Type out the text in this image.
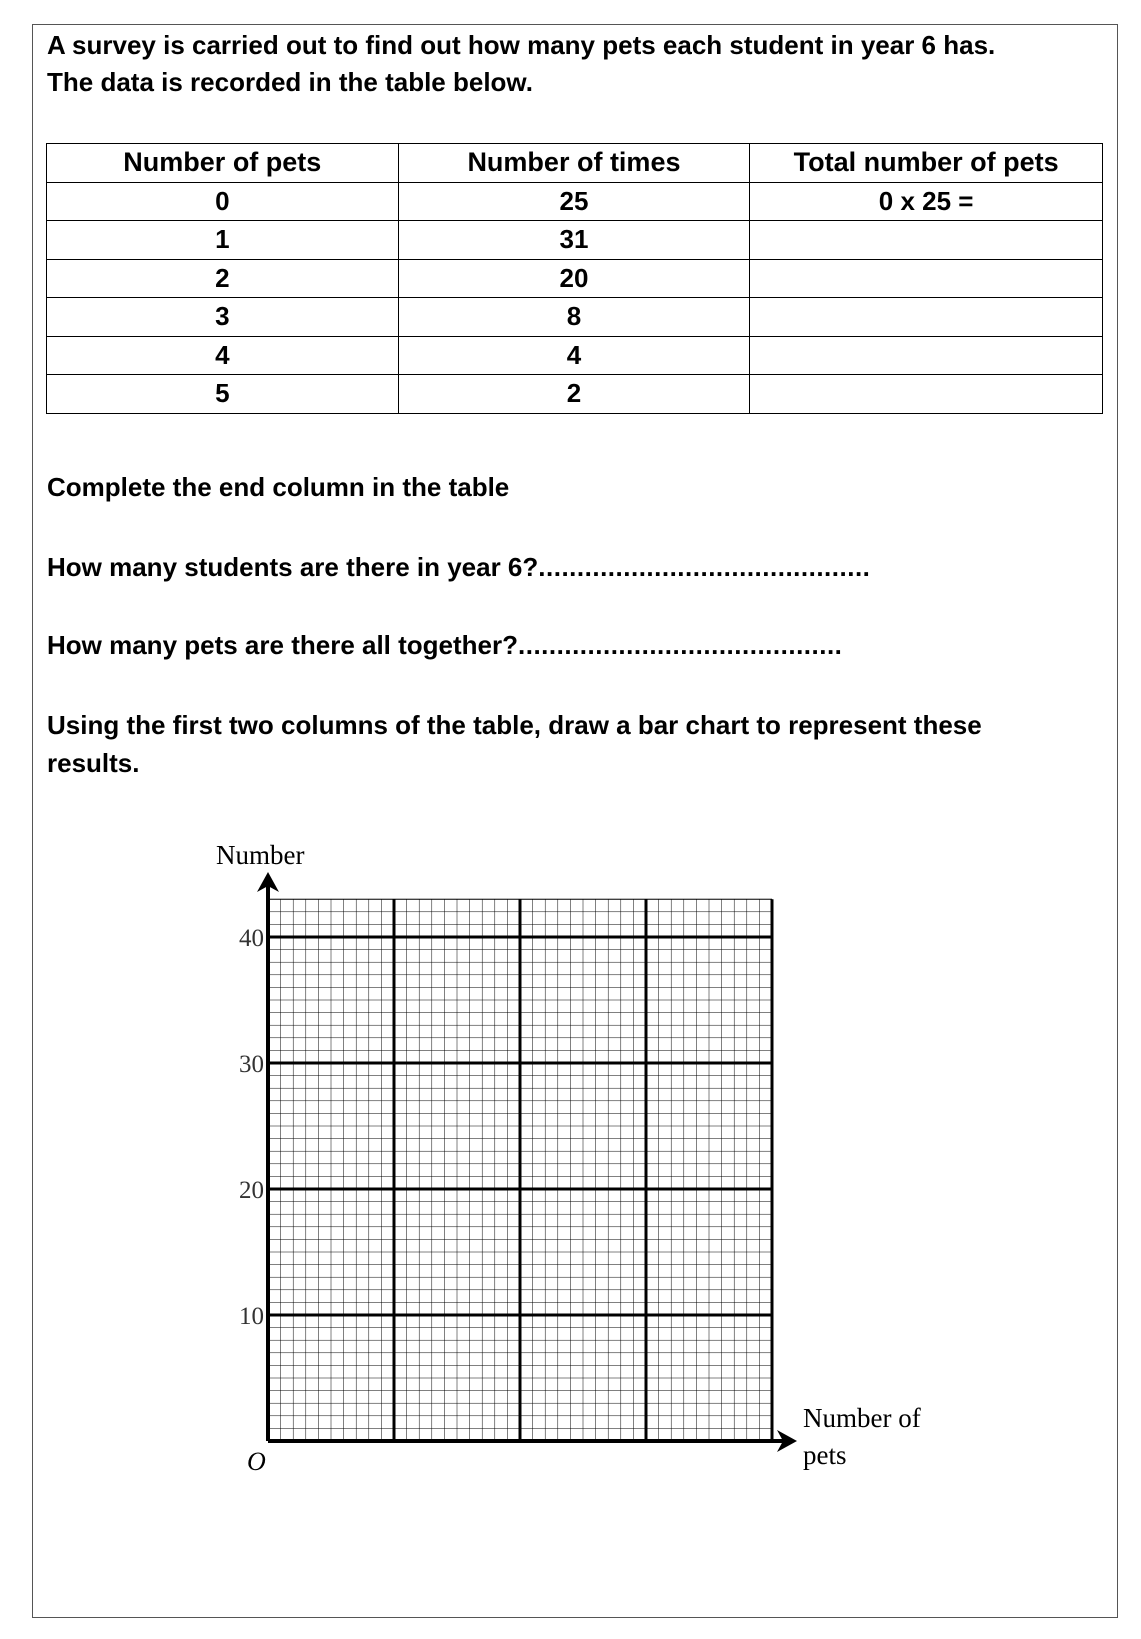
A survey is carried out to find out how many pets each student in year 6 has.
The data is recorded in the table below.
Number of pets	Number of times	Total number of pets
0	25	0 x 25 =
1	31	
2	20	
3	8	
4	4	
5	2	
Complete the end column in the table
How many students are there in year 6?...........................................
How many pets are there all together?..........................................
Using the first two columns of the table, draw a bar chart to represent these
results.
10
20
30
40
Number
Number of
pets
O
